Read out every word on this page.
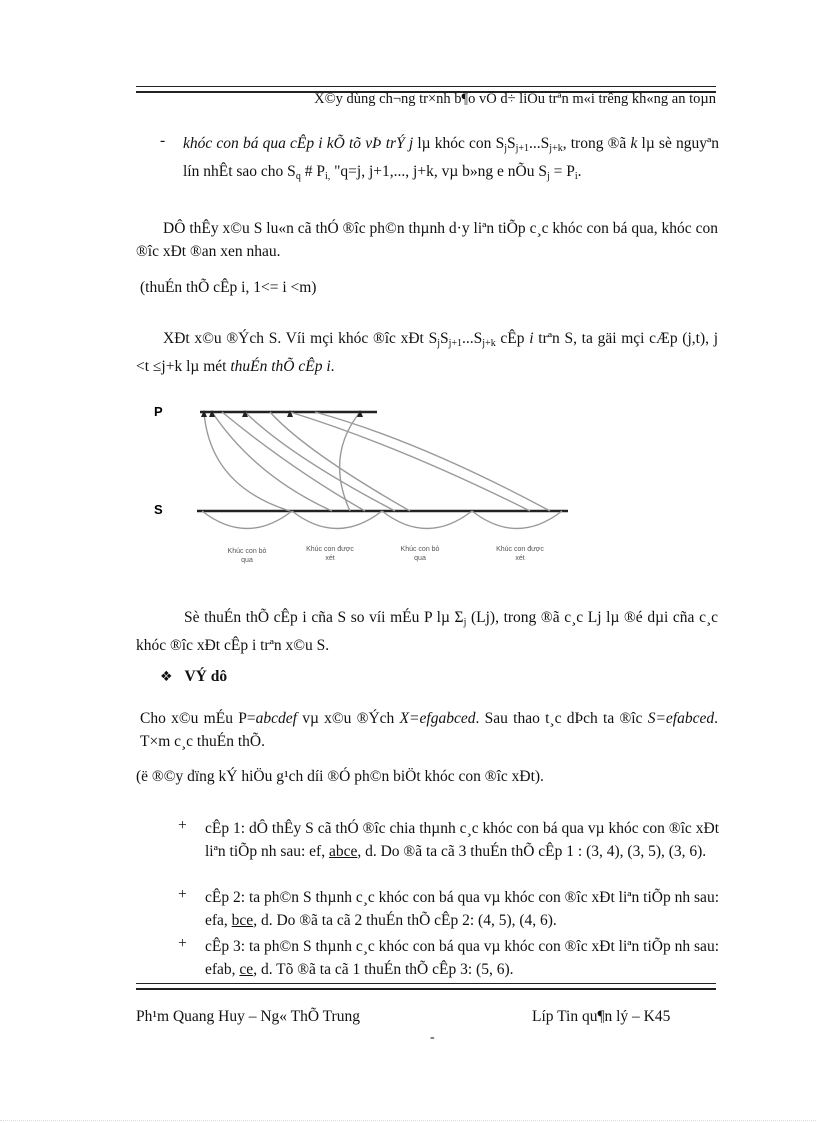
X©y dùng ch¬ng tr×nh b¶o vÖ d÷ liÖu trªn m«i trêng kh«ng an toµn
- khóc con bá qua cÊp i kÕ tõ vÞ trÝ j lµ khóc con $S_jS_{j+1}...S_{j+k}$, trong ®ã k lµ sè nguyªn lín nhÊt sao cho $S_q$ # $P_{i,}$ "q=j, j+1,..., j+k, vµ b»ng e nÕu $S_j = P_i$.
DÔ thÊy x©u S lu«n cã thÓ ®îc ph©n thµnh d·y liªn tiÕp c¸c khóc con bá qua, khóc con ®îc xÐt ®an xen nhau.
(thuÉn thÕ cÊp i, 1<= i <m)
XÐt x©u ®Ých S. Víi mçi khóc ®îc xÐt $S_jS_{j+1}...S_{j+k}$ cÊp i trªn S, ta gäi mçi cÆp (j,t), j <t ≤j+k lµ mét thuÉn thÕ cÊp i.
P
S
Khúc con bỏ
qua
Khúc con được
xét
Khúc con bỏ
qua
Khúc con được
xét
Sè thuÉn thÕ cÊp i cña S so víi mÉu P lµ $\Sigma_j$ (Lj), trong ®ã c¸c Lj lµ ®é dµi cña c¸c khóc ®îc xÐt cÊp i trªn x©u S.
❖ VÝ dô
Cho x©u mÉu P=abcdef vµ x©u ®Ých X=efgabced. Sau thao t¸c dÞch ta ®îc S=efabced. T×m c¸c thuÉn thÕ.
(ë ®©y dïng kÝ hiÖu g¹ch díi ®Ó ph©n biÖt khóc con ®îc xÐt).
+ cÊp 1: dÔ thÊy S cã thÓ ®îc chia thµnh c¸c khóc con bá qua vµ khóc con ®îc xÐt liªn tiÕp nh sau: ef, abce, d. Do ®ã ta cã 3 thuÉn thÕ cÊp 1 : (3, 4), (3, 5), (3, 6).
+ cÊp 2: ta ph©n S thµnh c¸c khóc con bá qua vµ khóc con ®îc xÐt liªn tiÕp nh sau: efa, bce, d. Do ®ã ta cã 2 thuÉn thÕ cÊp 2: (4, 5), (4, 6).
+ cÊp 3: ta ph©n S thµnh c¸c khóc con bá qua vµ khóc con ®îc xÐt liªn tiÕp nh sau: efab, ce, d. Tõ ®ã ta cã 1 thuÉn thÕ cÊp 3: (5, 6).
Ph¹m Quang Huy – Ng« ThÕ Trung	Líp Tin qu¶n lý – K45
-
